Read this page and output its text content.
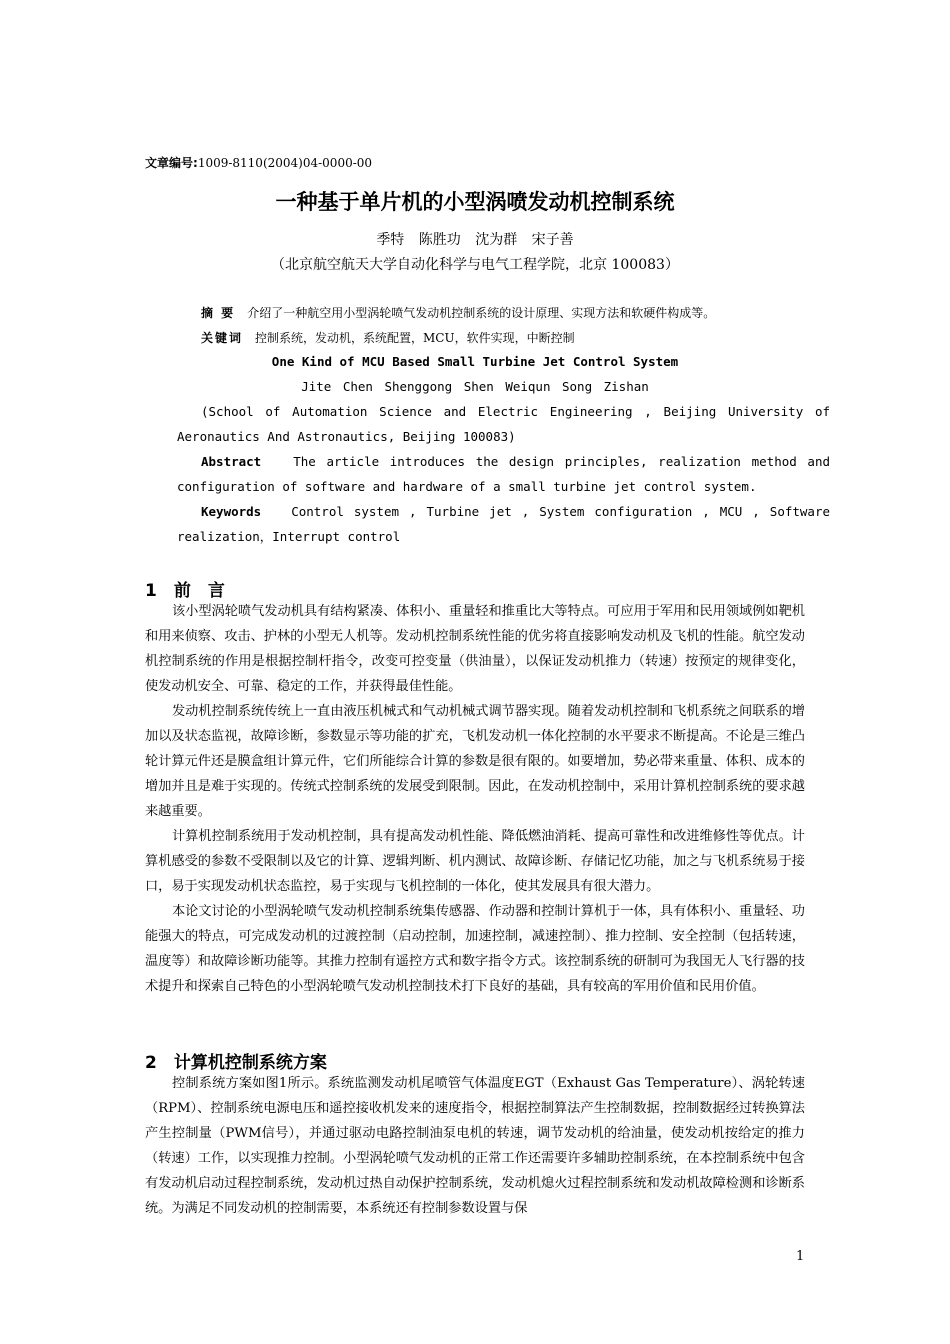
文章编号:1009-8110(2004)04-0000-00
一种基于单片机的小型涡喷发动机控制系统
季特 陈胜功 沈为群 宋子善
（北京航空航天大学自动化科学与电气工程学院，北京 100083）
摘 要 介绍了一种航空用小型涡轮喷气发动机控制系统的设计原理、实现方法和软硬件构成等。
关键词 控制系统，发动机，系统配置，MCU，软件实现，中断控制
One Kind of MCU Based Small Turbine Jet Control System
Jite Chen Shenggong Shen Weiqun Song Zishan
(School of Automation Science and Electric Engineering , Beijing University of Aeronautics And Astronautics, Beijing 100083)
Abstract	The article introduces the design principles, realization method and configuration of software and hardware of a small turbine jet control system.
Keywords Control system , Turbine jet , System configuration , MCU , Software realization，Interrupt control
1　前　言

该小型涡轮喷气发动机具有结构紧凑、体积小、重量轻和推重比大等特点。可应用于军用和民用领域例如靶机和用来侦察、攻击、护林的小型无人机等。发动机控制系统性能的优劣将直接影响发动机及飞机的性能。航空发动机控制系统的作用是根据控制杆指令，改变可控变量（供油量），以保证发动机推力（转速）按预定的规律变化，使发动机安全、可靠、稳定的工作，并获得最佳性能。

发动机控制系统传统上一直由液压机械式和气动机械式调节器实现。随着发动机控制和飞机系统之间联系的增加以及状态监视，故障诊断，参数显示等功能的扩充，飞机发动机一体化控制的水平要求不断提高。不论是三维凸轮计算元件还是膜盒组计算元件，它们所能综合计算的参数是很有限的。如要增加，势必带来重量、体积、成本的增加并且是难于实现的。传统式控制系统的发展受到限制。因此，在发动机控制中，采用计算机控制系统的要求越来越重要。

计算机控制系统用于发动机控制，具有提高发动机性能、降低燃油消耗、提高可靠性和改进维修性等优点。计算机感受的参数不受限制以及它的计算、逻辑判断、机内测试、故障诊断、存储记忆功能，加之与飞机系统易于接口，易于实现发动机状态监控，易于实现与飞机控制的一体化，使其发展具有很大潜力。

本论文讨论的小型涡轮喷气发动机控制系统集传感器、作动器和控制计算机于一体，具有体积小、重量轻、功能强大的特点，可完成发动机的过渡控制（启动控制，加速控制，减速控制）、推力控制、安全控制（包括转速，温度等）和故障诊断功能等。其推力控制有遥控方式和数字指令方式。该控制系统的研制可为我国无人飞行器的技术提升和探索自己特色的小型涡轮喷气发动机控制技术打下良好的基础，具有较高的军用价值和民用价值。

2　计算机控制系统方案

控制系统方案如图1所示。系统监测发动机尾喷管气体温度EGT（Exhaust Gas Temperature）、涡轮转速（RPM）、控制系统电源电压和遥控接收机发来的速度指令，根据控制算法产生控制数据，控制数据经过转换算法产生控制量（PWM信号），并通过驱动电路控制油泵电机的转速，调节发动机的给油量，使发动机按给定的推力（转速）工作，以实现推力控制。小型涡轮喷气发动机的正常工作还需要许多辅助控制系统，在本控制系统中包含有发动机启动过程控制系统，发动机过热自动保护控制系统，发动机熄火过程控制系统和发动机故障检测和诊断系统。为满足不同发动机的控制需要，本系统还有控制参数设置与保

1
